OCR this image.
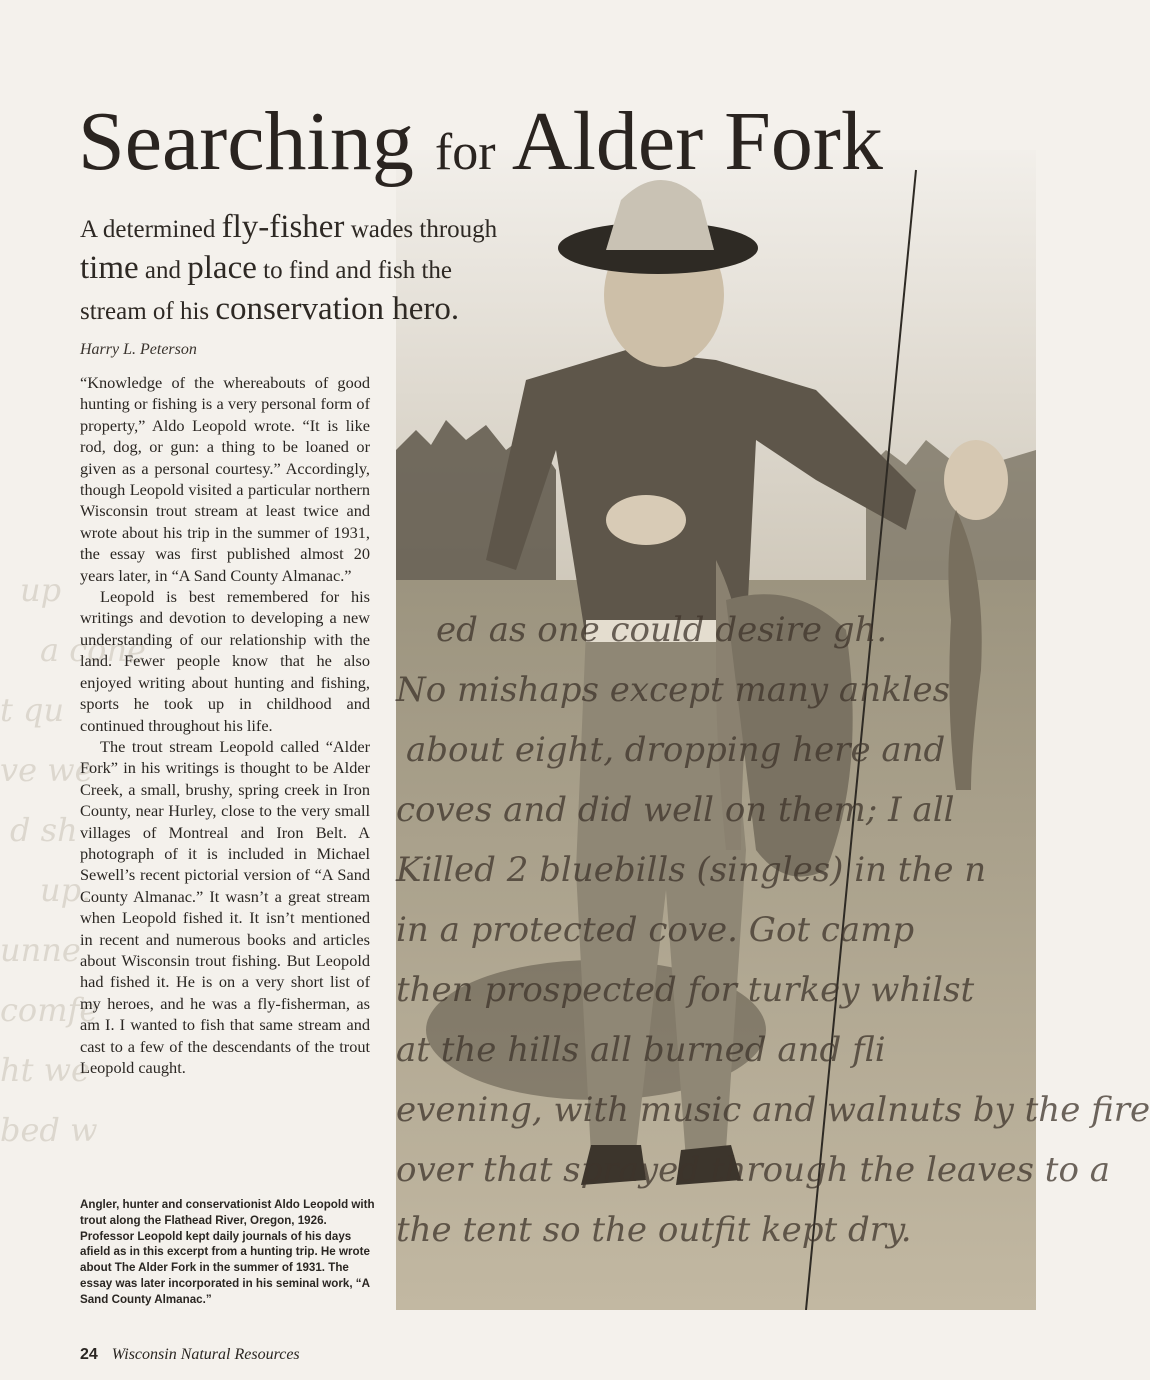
up
a cone
t qu
ve we
d sh
up.
unne
comfe
ht we
bed w
ed as one could desire gh.
No mishaps except many ankles
about eight, dropping here and
coves and did well on them; I all
Killed 2 bluebills (singles) in the n
in a protected cove. Got camp
then prospected for turkey whilst
at the hills all burned and fli
evening, with music and walnuts by the fire
over that sprayed through the leaves to a
the tent so the outfit kept dry.
Searching for Alder Fork
A determined fly-fisher wades through
time and place to find and fish the
stream of his conservation hero.
Harry L. Peterson

“Knowledge of the whereabouts of good hunting or fishing is a very personal form of property,” Aldo Leopold wrote. “It is like rod, dog, or gun: a thing to be loaned or given as a personal courtesy.” Accordingly, though Leopold visited a particular northern Wisconsin trout stream at least twice and wrote about his trip in the summer of 1931, the essay was first published almost 20 years later, in “A Sand County Almanac.”

Leopold is best remembered for his writings and devotion to developing a new understanding of our relationship with the land. Fewer people know that he also enjoyed writing about hunting and fishing, sports he took up in childhood and continued throughout his life.

The trout stream Leopold called “Alder Fork” in his writings is thought to be Alder Creek, a small, brushy, spring creek in Iron County, near Hurley, close to the very small villages of Montreal and Iron Belt. A photograph of it is included in Michael Sewell’s recent pictorial version of “A Sand County Almanac.” It wasn’t a great stream when Leopold fished it. It isn’t mentioned in recent and numerous books and articles about Wisconsin trout fishing. But Leopold had fished it. He is on a very short list of my heroes, and he was a fly-fisherman, as am I. I wanted to fish that same stream and cast to a few of the descendants of the trout Leopold caught.

Angler, hunter and conservationist Aldo Leopold with trout along the Flathead River, Oregon, 1926. Professor Leopold kept daily journals of his days afield as in this excerpt from a hunting trip. He wrote about The Alder Fork in the summer of 1931. The essay was later incorporated in his seminal work, “A Sand County Almanac.”
24 Wisconsin Natural Resources
